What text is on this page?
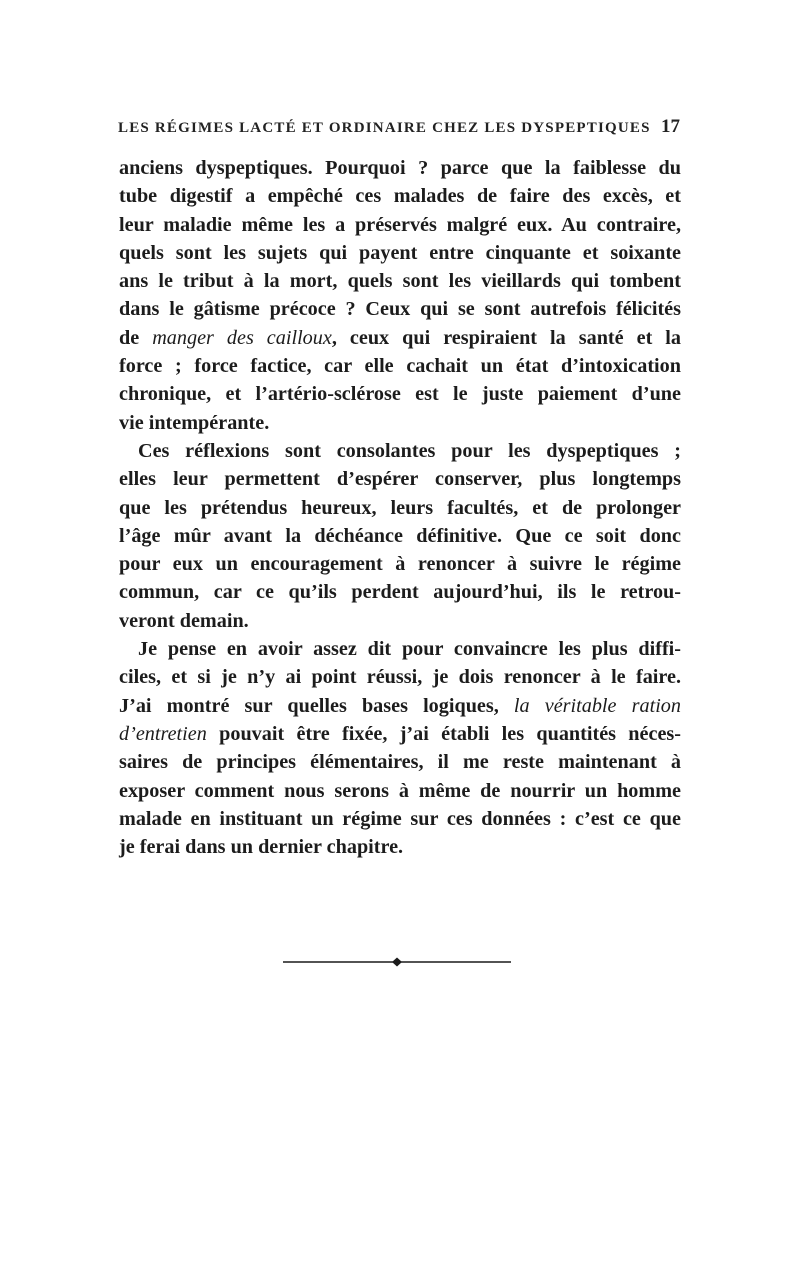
LES RÉGIMES LACTÉ ET ORDINAIRE CHEZ LES DYSPEPTIQUES 17
anciens dyspeptiques. Pourquoi ? parce que la faiblesse du
tube digestif a empêché ces malades de faire des excès, et
leur maladie même les a préservés malgré eux. Au contraire,
quels sont les sujets qui payent entre cinquante et soixante
ans le tribut à la mort, quels sont les vieillards qui tombent
dans le gâtisme précoce ? Ceux qui se sont autrefois félicités
de manger des cailloux, ceux qui respiraient la santé et la
force ; force factice, car elle cachait un état d’intoxication
chronique, et l’artério-sclérose est le juste paiement d’une
vie intempérante.
Ces réflexions sont consolantes pour les dyspeptiques ;
elles leur permettent d’espérer conserver, plus longtemps
que les prétendus heureux, leurs facultés, et de prolonger
l’âge mûr avant la déchéance définitive. Que ce soit donc
pour eux un encouragement à renoncer à suivre le régime
commun, car ce qu’ils perdent aujourd’hui, ils le retrou-
veront demain.
Je pense en avoir assez dit pour convaincre les plus diffi-
ciles, et si je n’y ai point réussi, je dois renoncer à le faire.
J’ai montré sur quelles bases logiques, la véritable ration
d’entretien pouvait être fixée, j’ai établi les quantités néces-
saires de principes élémentaires, il me reste maintenant à
exposer comment nous serons à même de nourrir un homme
malade en instituant un régime sur ces données : c’est ce que
je ferai dans un dernier chapitre.
